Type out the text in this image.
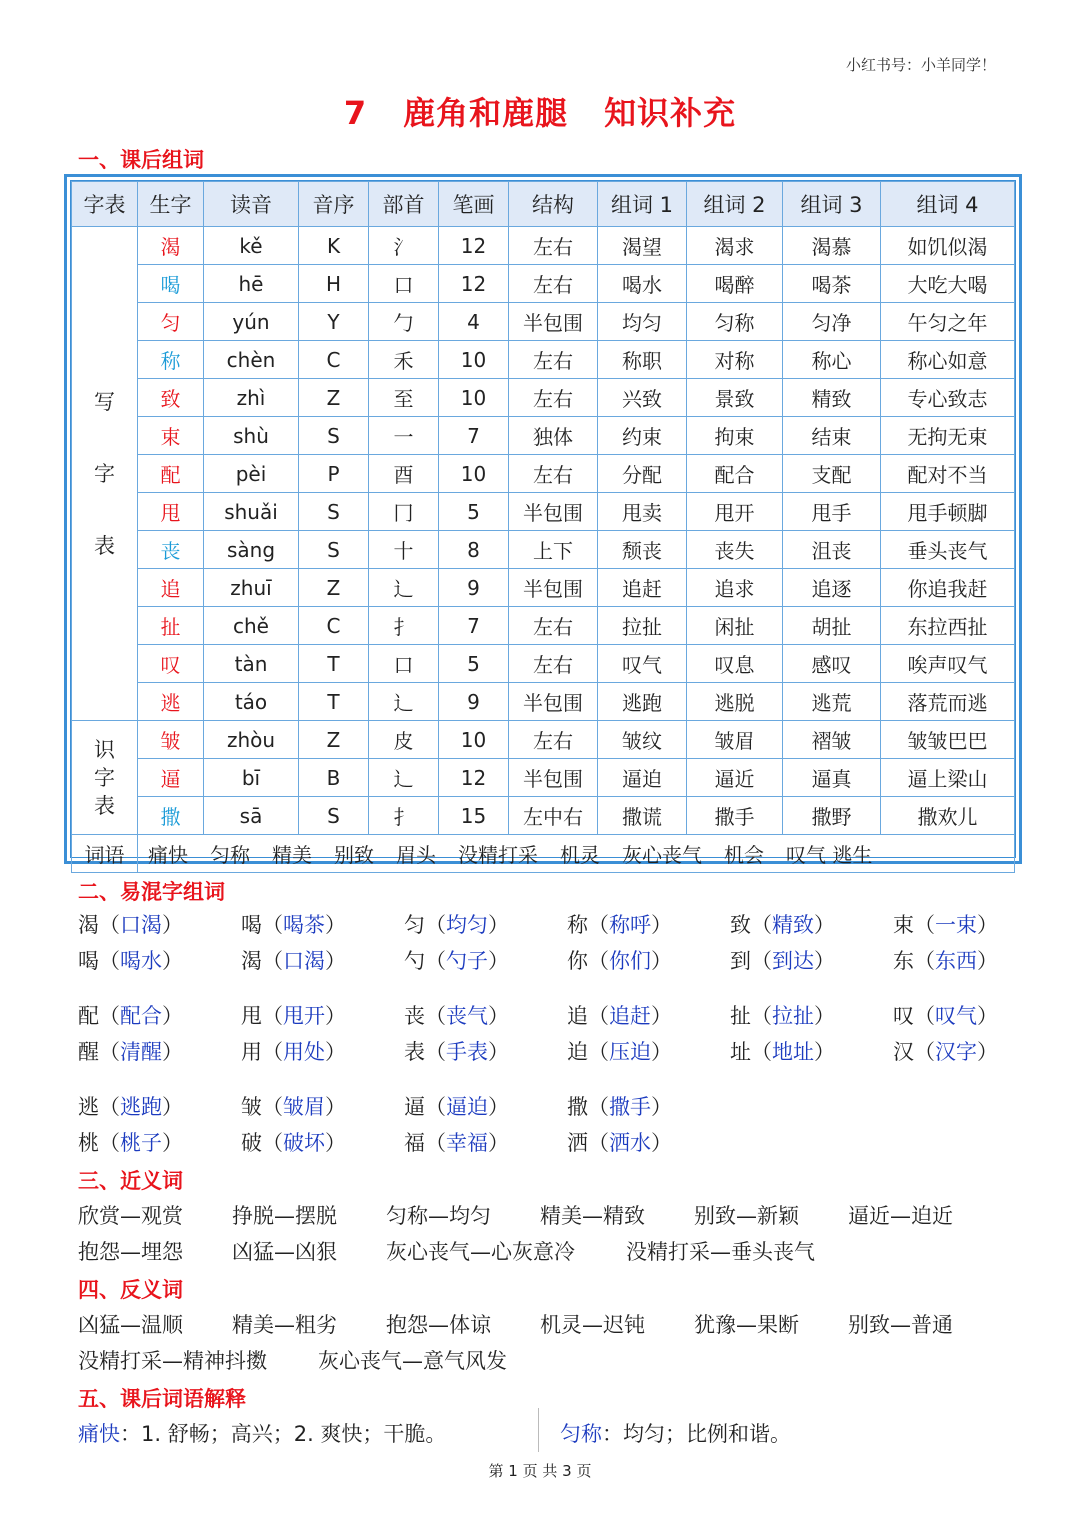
小红书号：小羊同学！
7 鹿角和鹿腿 知识补充
一、课后组词
字表	生字	读音	音序	部首	笔画	结构	组词 1	组词 2	组词 3	组词 4

写
字
表	渴	kě	K	氵	12	左右	渴望	渴求	渴慕	如饥似渴
	喝	hē	H	口	12	左右	喝水	喝醉	喝茶	大吃大喝
	匀	yún	Y	勹	4	半包围	均匀	匀称	匀净	午匀之年
	称	chèn	C	禾	10	左右	称职	对称	称心	称心如意
	致	zhì	Z	至	10	左右	兴致	景致	精致	专心致志
	束	shù	S	一	7	独体	约束	拘束	结束	无拘无束
	配	pèi	P	酉	10	左右	分配	配合	支配	配对不当
	甩	shuǎi	S	冂	5	半包围	甩卖	甩开	甩手	甩手顿脚
	丧	sàng	S	十	8	上下	颓丧	丧失	沮丧	垂头丧气
	追	zhuī	Z	辶	9	半包围	追赶	追求	追逐	你追我赶
	扯	chě	C	扌	7	左右	拉扯	闲扯	胡扯	东拉西扯
	叹	tàn	T	口	5	左右	叹气	叹息	感叹	唉声叹气
	逃	táo	T	辶	9	半包围	逃跑	逃脱	逃荒	落荒而逃

识
字
表	皱	zhòu	Z	皮	10	左右	皱纹	皱眉	褶皱	皱皱巴巴
	逼	bī	B	辶	12	半包围	逼迫	逼近	逼真	逼上梁山
	撒	sā	S	扌	15	左中右	撒谎	撒手	撒野	撒欢儿
词语	痛快 匀称 精美 别致 眉头 没精打采 机灵 灰心丧气 机会 叹气 逃生									
二、易混字组词
渴（口渴）	喝（喝茶）	匀（均匀）	称（称呼）	致（精致）	束（一束）
喝（喝水）	渴（口渴）	勺（勺子）	你（你们）	到（到达）	东（东西）
配（配合）	甩（甩开）	丧（丧气）	追（追赶）	扯（拉扯）	叹（叹气）
醒（清醒）	用（用处）	表（手表）	迫（压迫）	址（地址）	汉（汉字）
逃（逃跑）	皱（皱眉）	逼（逼迫）	撒（撒手）
桃（桃子）	破（破坏）	福（幸福）	洒（洒水）
三、近义词
欣赏—观赏 挣脱—摆脱 匀称—均匀 精美—精致 别致—新颖 逼近—迫近
抱怨—埋怨 凶猛—凶狠 灰心丧气—心灰意冷 没精打采—垂头丧气
四、反义词
凶猛—温顺 精美—粗劣 抱怨—体谅 机灵—迟钝 犹豫—果断 别致—普通
没精打采—精神抖擞 灰心丧气—意气风发
五、课后词语解释
痛快：1. 舒畅；高兴；2. 爽快；干脆。	匀称：均匀；比例和谐。
第 1 页 共 3 页
